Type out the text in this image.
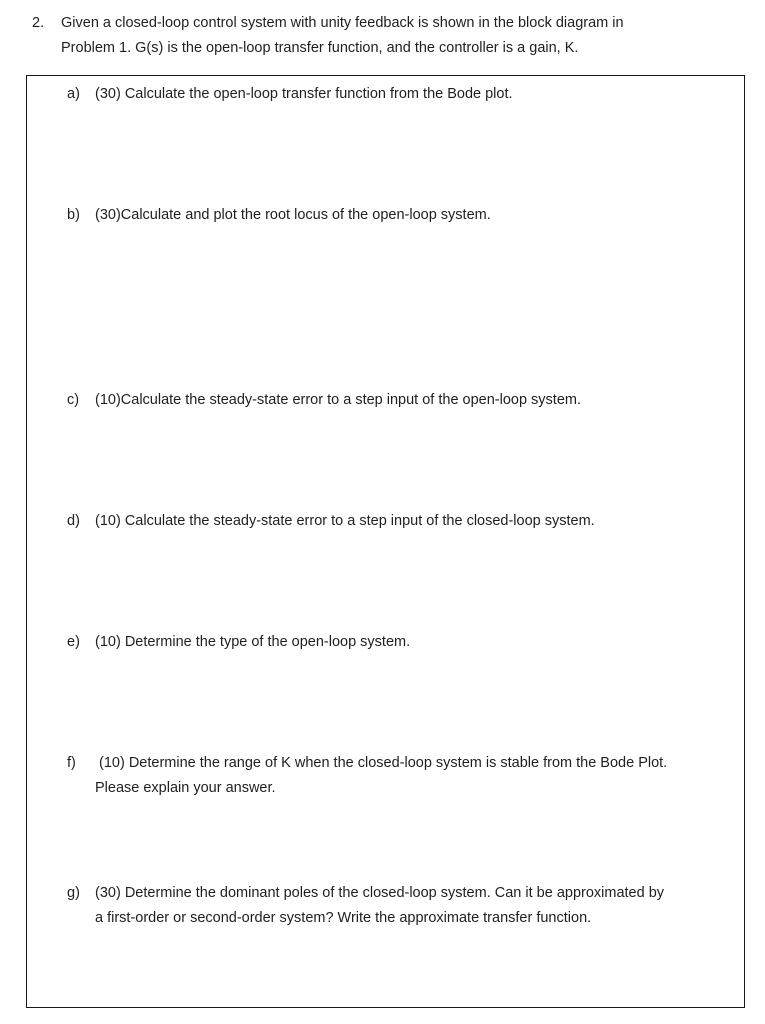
2. Given a closed-loop control system with unity feedback is shown in the block diagram in
Problem 1. G(s) is the open-loop transfer function, and the controller is a gain, K.
a) (30) Calculate the open-loop transfer function from the Bode plot.
b) (30)Calculate and plot the root locus of the open-loop system.
c) (10)Calculate the steady-state error to a step input of the open-loop system.
d) (10) Calculate the steady-state error to a step input of the closed-loop system.
e) (10) Determine the type of the open-loop system.
f) (10) Determine the range of K when the closed-loop system is stable from the Bode Plot.
Please explain your answer.
g) (30) Determine the dominant poles of the closed-loop system. Can it be approximated by
a first-order or second-order system? Write the approximate transfer function.
